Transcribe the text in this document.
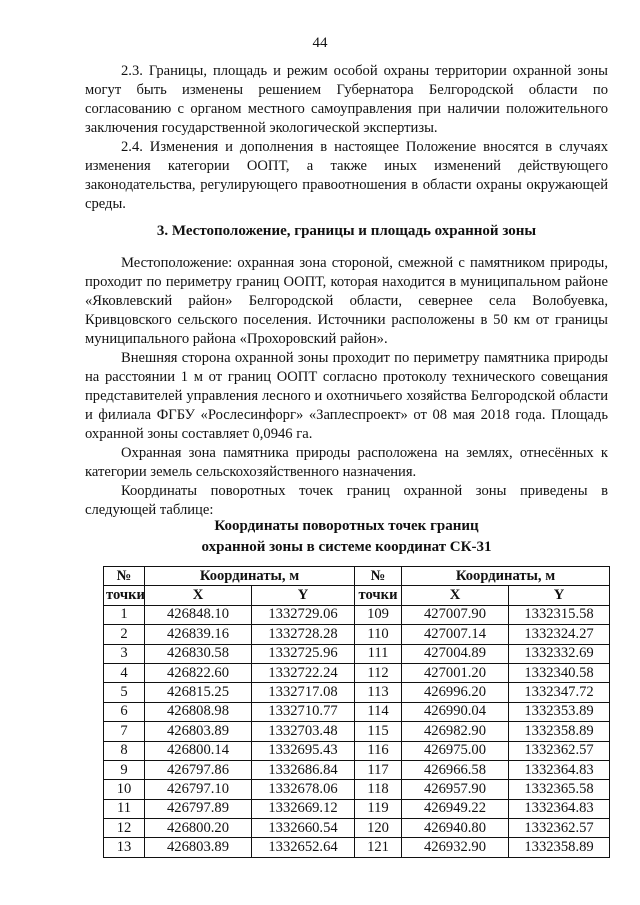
44

2.3. Границы, площадь и режим особой охраны территории охранной зоны могут быть изменены решением Губернатора Белгородской области по согласованию с органом местного самоуправления при наличии положительного заключения государственной экологической экспертизы.

2.4. Изменения и дополнения в настоящее Положение вносятся в случаях изменения категории ООПТ, а также иных изменений действующего законодательства, регулирующего правоотношения в области охраны окружающей среды.

3. Местоположение, границы и площадь охранной зоны

Местоположение: охранная зона стороной, смежной с памятником природы, проходит по периметру границ ООПТ, которая находится в муниципальном районе «Яковлевский район» Белгородской области, севернее села Волобуевка, Кривцовского сельского поселения. Источники расположены в 50 км от границы муниципального района «Прохоровский район».

Внешняя сторона охранной зоны проходит по периметру памятника природы на расстоянии 1 м от границ ООПТ согласно протоколу технического совещания представителей управления лесного и охотничьего хозяйства Белгородской области и филиала ФГБУ «Рослесинфорг» «Заплеспроект» от 08 мая 2018 года. Площадь охранной зоны составляет 0,0946 га.

Охранная зона памятника природы расположена на землях, отнесённых к категории земель сельскохозяйственного назначения.

Координаты поворотных точек границ охранной зоны приведены в следующей таблице:

Координаты поворотных точек границ
охранной зоны в системе координат СК-31
№	Координаты, м		№	Координаты, м	
точки	X	Y	точки	X	Y
1	426848.10	1332729.06	109	427007.90	1332315.58
2	426839.16	1332728.28	110	427007.14	1332324.27
3	426830.58	1332725.96	111	427004.89	1332332.69
4	426822.60	1332722.24	112	427001.20	1332340.58
5	426815.25	1332717.08	113	426996.20	1332347.72
6	426808.98	1332710.77	114	426990.04	1332353.89
7	426803.89	1332703.48	115	426982.90	1332358.89
8	426800.14	1332695.43	116	426975.00	1332362.57
9	426797.86	1332686.84	117	426966.58	1332364.83
10	426797.10	1332678.06	118	426957.90	1332365.58
11	426797.89	1332669.12	119	426949.22	1332364.83
12	426800.20	1332660.54	120	426940.80	1332362.57
13	426803.89	1332652.64	121	426932.90	1332358.89
